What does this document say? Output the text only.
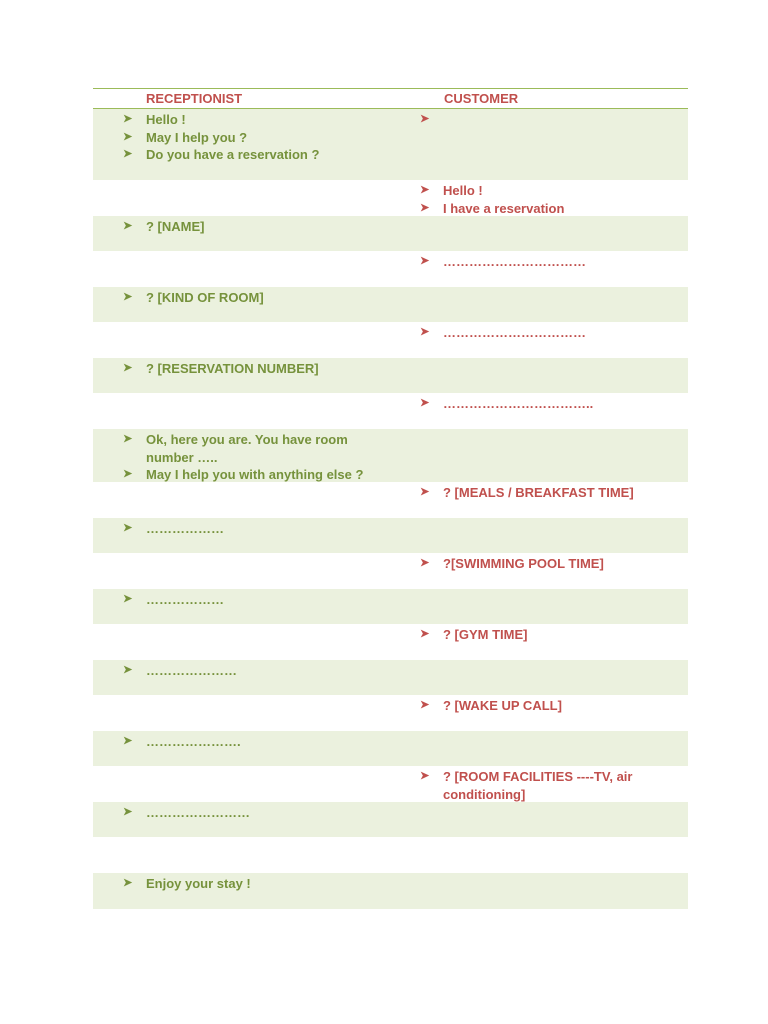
RECEPTIONIST	CUSTOMER
➤ Hello !
➤ May I help you ?
➤ Do you have a reservation ?
➤
➤ Hello !
➤ I have a reservation
➤ ? [NAME]
➤ ……………………………
➤ ? [KIND OF ROOM]
➤ ……………………………
➤ ? [RESERVATION NUMBER]
➤ ……………………………..
➤ Ok, here you are. You have room number …..
➤ May I help you with anything else ?
➤ ? [MEALS / BREAKFAST TIME]
➤ ………………
➤ ?[SWIMMING POOL TIME]
➤ ………………
➤ ? [GYM TIME]
➤ …………………
➤ ? [WAKE UP CALL]
➤ ………………….
➤ ? [ROOM FACILITIES ----TV, air conditioning]
➤ ……………………
➤ Enjoy your stay !
